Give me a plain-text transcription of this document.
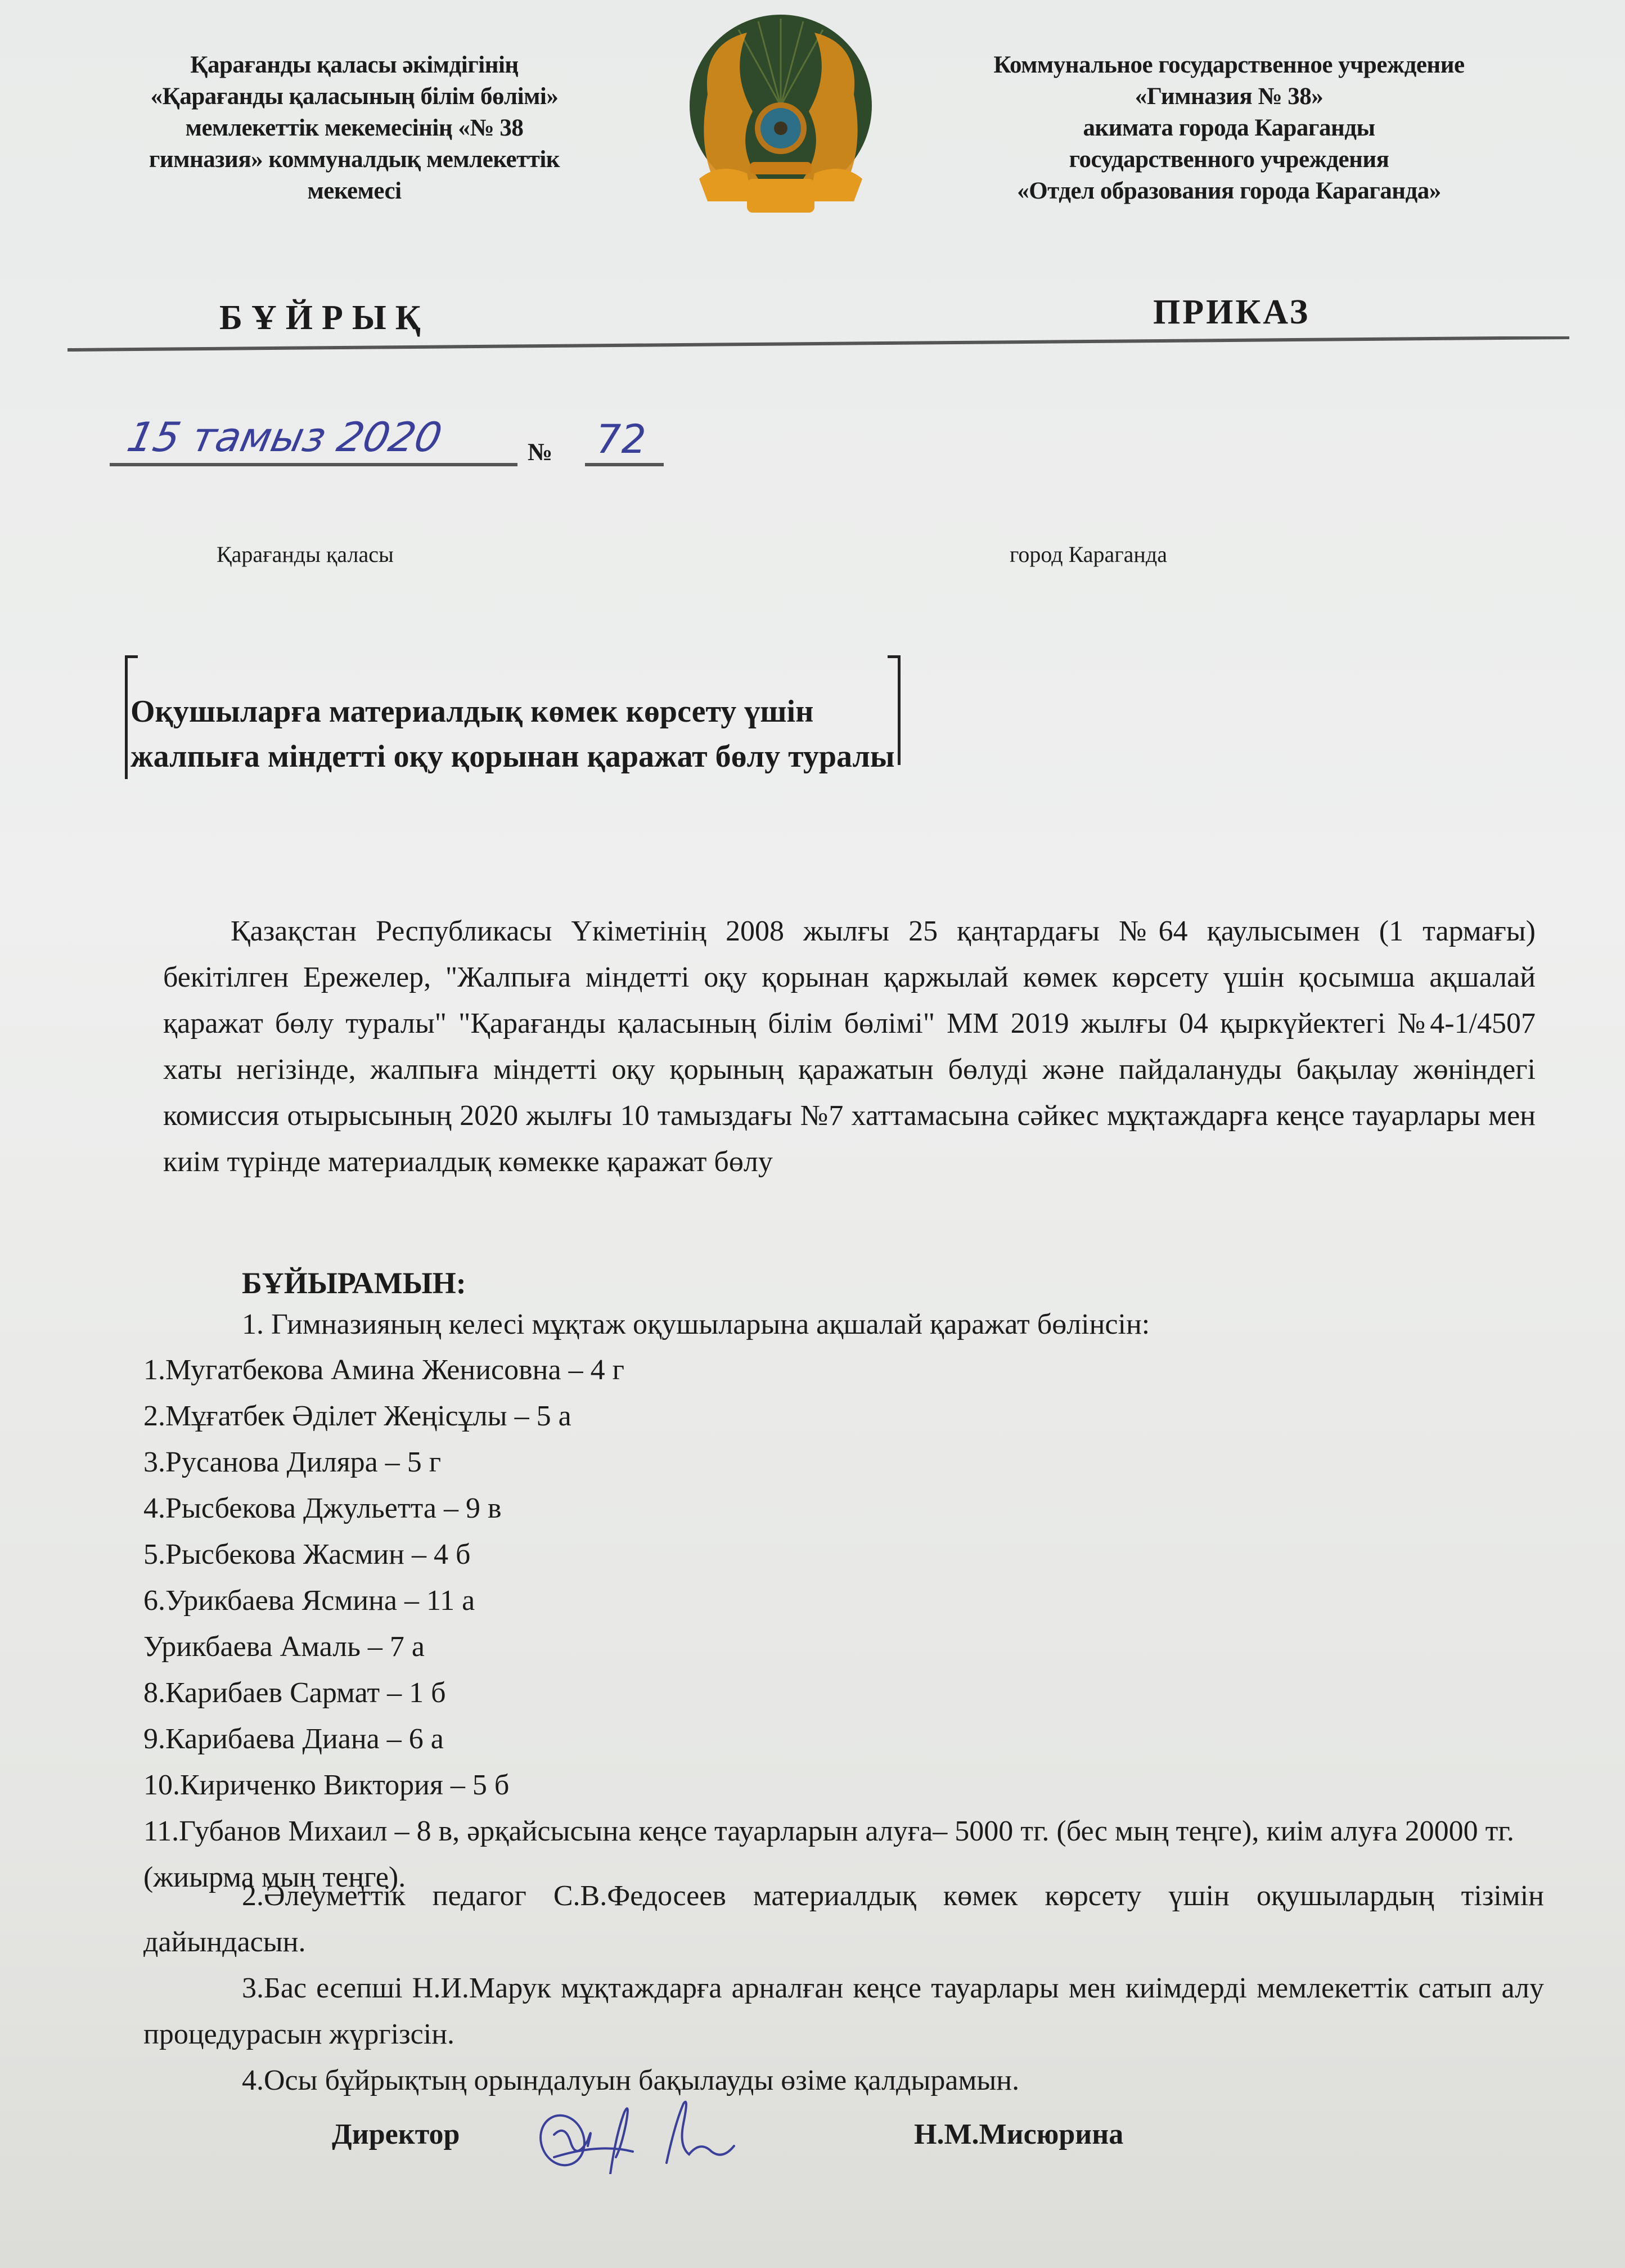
Қарағанды қаласы әкімдігінің
«Қарағанды қаласының білім бөлімі»
мемлекеттік мекемесінің «№ 38
гимназия» коммуналдық мемлекеттік
мекемесі
Коммунальное государственное учреждение
«Гимназия № 38»
акимата города Караганды
государственного учреждения
«Отдел образования города Караганда»
БҰЙРЫҚ	ПРИКАЗ
15 тамыз 2020	№ 72
Қарағанды қаласы	город Караганда
Оқушыларға материалдық көмек көрсету үшін жалпыға міндетті оқу қорынан қаражат бөлу туралы
Қазақстан Республикасы Үкіметінің 2008 жылғы 25 қаңтардағы №64 қаулысымен (1 тармағы) бекітілген Ережелер, "Жалпыға міндетті оқу қорынан қаржылай көмек көрсету үшін қосымша ақшалай қаражат бөлу туралы" "Қарағанды қаласының білім бөлімі" ММ 2019 жылғы 04 қыркүйектегі №4-1/4507 хаты негізінде, жалпыға міндетті оқу қорының қаражатын бөлуді және пайдалануды бақылау жөніндегі комиссия отырысының 2020 жылғы 10 тамыздағы №7 хаттамасына сәйкес мұқтаждарға кеңсе тауарлары мен киім түрінде материалдық көмекке қаражат бөлу
БҰЙЫРАМЫН:
1. Гимназияның келесі мұқтаж оқушыларына ақшалай қаражат бөлінсін:
1.Мугатбекова Амина Женисовна – 4 г
2.Мұғатбек Әділет Жеңісұлы – 5 а
3.Русанова Диляра – 5 г
4.Рысбекова Джульетта – 9 в
5.Рысбекова Жасмин – 4 б
6.Урикбаева Ясмина – 11 а
Урикбаева Амаль – 7 а
8.Карибаев Сармат – 1 б
9.Карибаева Диана – 6 а
10.Кириченко Виктория – 5 б
11.Губанов Михаил – 8 в, әрқайсысына кеңсе тауарларын алуға– 5000 тг. (бес мың теңге), киім алуға 20000 тг. (жиырма мың теңге).
2.Әлеуметтік педагог С.В.Федосеев материалдық көмек көрсету үшін оқушылардың тізімін дайындасын.
3.Бас есепші Н.И.Марук мұқтаждарға арналған кеңсе тауарлары мен киімдерді мемлекеттік сатып алу процедурасын жүргізсін.
4.Осы бұйрықтың орындалуын бақылауды өзіме қалдырамын.
Директор	Н.М.Мисюрина
